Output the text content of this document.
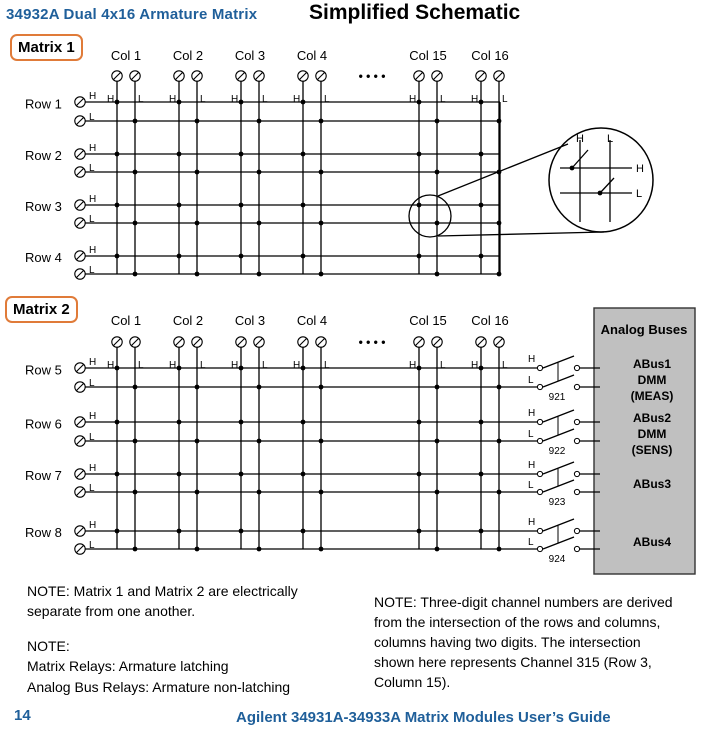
34932A Dual 4x16 Armature Matrix Simplified Schematic
Matrix 1
Matrix 2
Col 1
H L
Col 2
H L
Col 3
H L
Col 4
H L
Col 15
H L
Col 16
H L
• • • •
Row 1	H
L
Row 2	H
L
Row 3	H
L
Row 4	H
L
H L
H
L
Col 1
H L
Col 2
H L
Col 3
H L
Col 4
H L
Col 15
H L
Col 16
H L
• • • •
Row 5	H
L
Row 6	H
L
Row 7	H
L
Row 8	H
L
Analog Buses
H
L
921
ABus1
DMM
(MEAS)
H
L
922
ABus2
DMM
(SENS)
H
L
923
ABus3
H
L
924
ABus4
NOTE: Matrix 1 and Matrix 2 are electrically separate from one another.
NOTE:
Matrix Relays: Armature latching
Analog Bus Relays: Armature non-latching
NOTE: Three-digit channel numbers are derived from the intersection of the rows and columns, columns having two digits. The intersection shown here represents Channel 315 (Row 3, Column 15).
14	Agilent 34931A-34933A Matrix Modules User’s Guide
